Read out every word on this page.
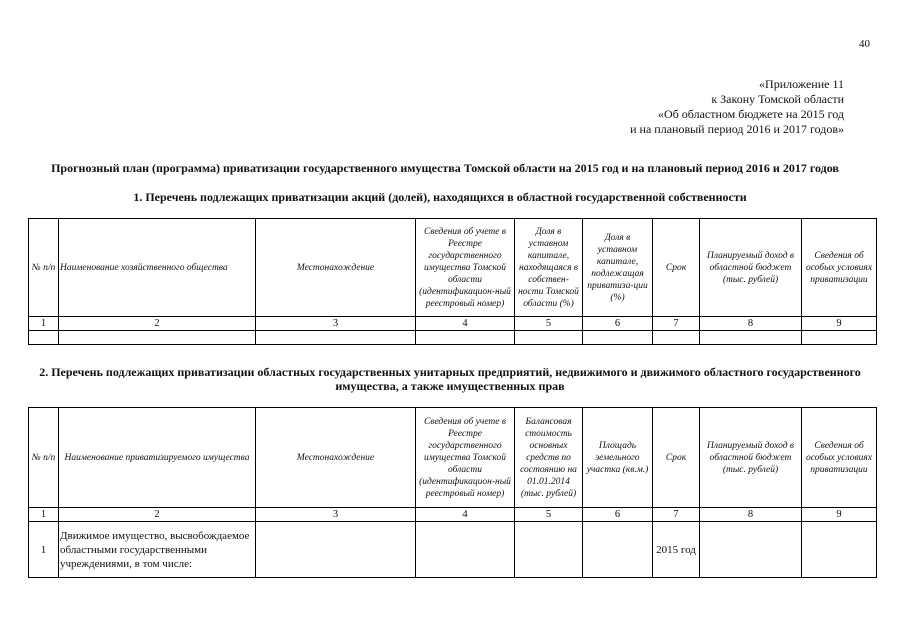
40
«Приложение 11
к Закону Томской области
«Об областном бюджете на 2015 год
и на плановый период 2016 и 2017 годов»
Прогнозный план (программа) приватизации государственного имущества Томской области на 2015 год и на плановый период 2016 и 2017 годов
1. Перечень подлежащих приватизации акций (долей), находящихся в областной государственной собственности
№ п/п	Наименование хозяйственного общества	Местонахождение	Сведения об учете в Реестре государственного имущества Томской области (идентификацион-ный реестровый номер)	Доля в уставном капитале, находящаяся в собствен-ности Томской области (%)	Доля в уставном капитале, подлежащая приватиза-ции (%)	Срок	Планируемый доход в областной бюджет (тыс. рублей)	Сведения об особых условиях приватизации
1	2	3	4	5	6	7	8	9

2. Перечень подлежащих приватизации областных государственных унитарных предприятий, недвижимого и движимого областного государственного имущества, а также имущественных прав
№ п/п	Наименование приватизируемого имущества	Местонахождение	Сведения об учете в Реестре государственного имущества Томской области (идентификацион-ный реестровый номер)	Балансовая стоимость основных средств по состоянию на 01.01.2014 (тыс. рублей)	Площадь земельного участка (кв.м.)	Срок	Планируемый доход в областной бюджет (тыс. рублей)	Сведения об особых условиях приватизации
1	2	3	4	5	6	7	8	9
1	Движимое имущество, высвобождаемое областными государственными учреждениями, в том числе:					2015 год		
